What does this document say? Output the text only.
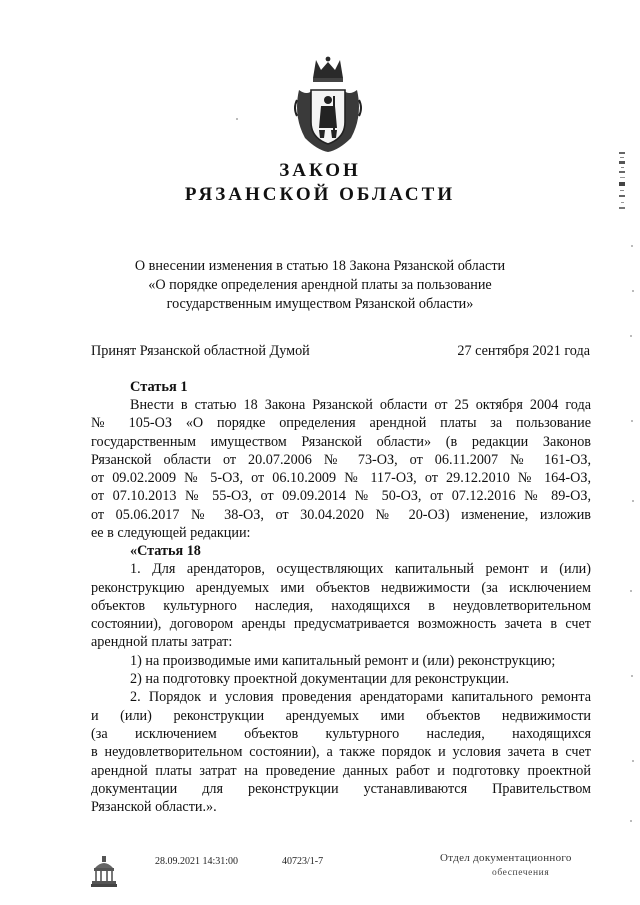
ЗАКОН
РЯЗАНСКОЙ ОБЛАСТИ
О внесении изменения в статью 18 Закона Рязанской области
«О порядке определения арендной платы за пользование
государственным имуществом Рязанской области»
Принят Рязанской областной Думой	27 сентября 2021 года
Статья 1
Внести в статью 18 Закона Рязанской области от 25 октября 2004 года
№ 105-ОЗ «О порядке определения арендной платы за пользование
государственным имуществом Рязанской области» (в редакции Законов
Рязанской области от 20.07.2006 № 73-ОЗ, от 06.11.2007 № 161-ОЗ,
от 09.02.2009 № 5-ОЗ, от 06.10.2009 № 117-ОЗ, от 29.12.2010 № 164-ОЗ,
от 07.10.2013 № 55-ОЗ, от 09.09.2014 № 50-ОЗ, от 07.12.2016 № 89-ОЗ,
от 05.06.2017 № 38-ОЗ, от 30.04.2020 № 20-ОЗ) изменение, изложив
ее в следующей редакции:
«Статья 18
1. Для арендаторов, осуществляющих капитальный ремонт и (или)
реконструкцию арендуемых ими объектов недвижимости (за исключением
объектов культурного наследия, находящихся в неудовлетворительном
состоянии), договором аренды предусматривается возможность зачета в счет
арендной платы затрат:
1) на производимые ими капитальный ремонт и (или) реконструкцию;
2) на подготовку проектной документации для реконструкции.
2. Порядок и условия проведения арендаторами капитального ремонта
и (или) реконструкции арендуемых ими объектов недвижимости
(за исключением объектов культурного наследия, находящихся
в неудовлетворительном состоянии), а также порядок и условия зачета в счет
арендной платы затрат на проведение данных работ и подготовку проектной
документации для реконструкции устанавливаются Правительством
Рязанской области.».
28.09.2021 14:31:00	40723/1-7	Отдел документационного
обеспечения
